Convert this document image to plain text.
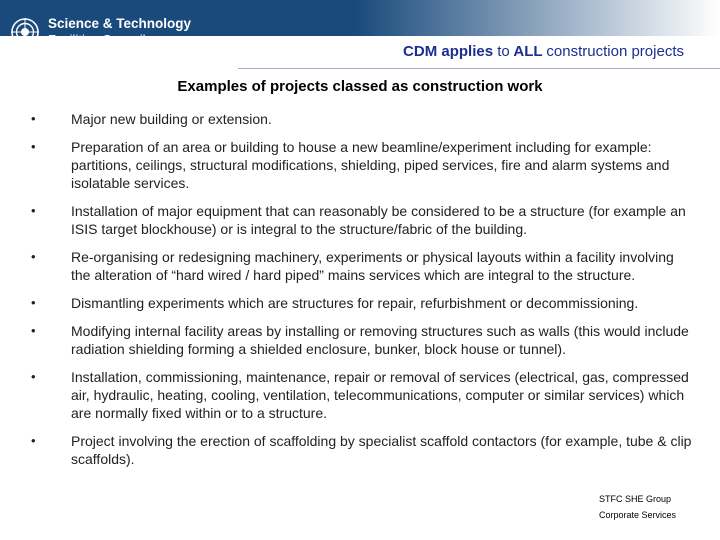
Science & Technology
Facilities Council
CDM applies to ALL construction projects
Examples of projects classed as construction work
•	Major new building or extension.
•	Preparation of an area or building to house a new beamline/experiment including for example: partitions, ceilings, structural modifications, shielding, piped services, fire and alarm systems and isolatable services.
•	Installation of major equipment that can reasonably be considered to be a structure (for example an ISIS target blockhouse) or is integral to the structure/fabric of the building.
•	Re-organising or redesigning machinery, experiments or physical layouts within a facility involving the alteration of “hard wired / hard piped” mains services which are integral to the structure.
•	Dismantling experiments which are structures for repair, refurbishment or decommissioning.
•	Modifying internal facility areas by installing or removing structures such as walls (this would include radiation shielding forming a shielded enclosure, bunker, block house or tunnel).
•	Installation, commissioning, maintenance, repair or removal of services (electrical, gas, compressed air, hydraulic, heating, cooling, ventilation, telecommunications, computer or similar services) which are normally fixed within or to a structure.
•	Project involving the erection of scaffolding by specialist scaffold contactors (for example, tube & clip scaffolds).
STFC SHE Group
Corporate Services
